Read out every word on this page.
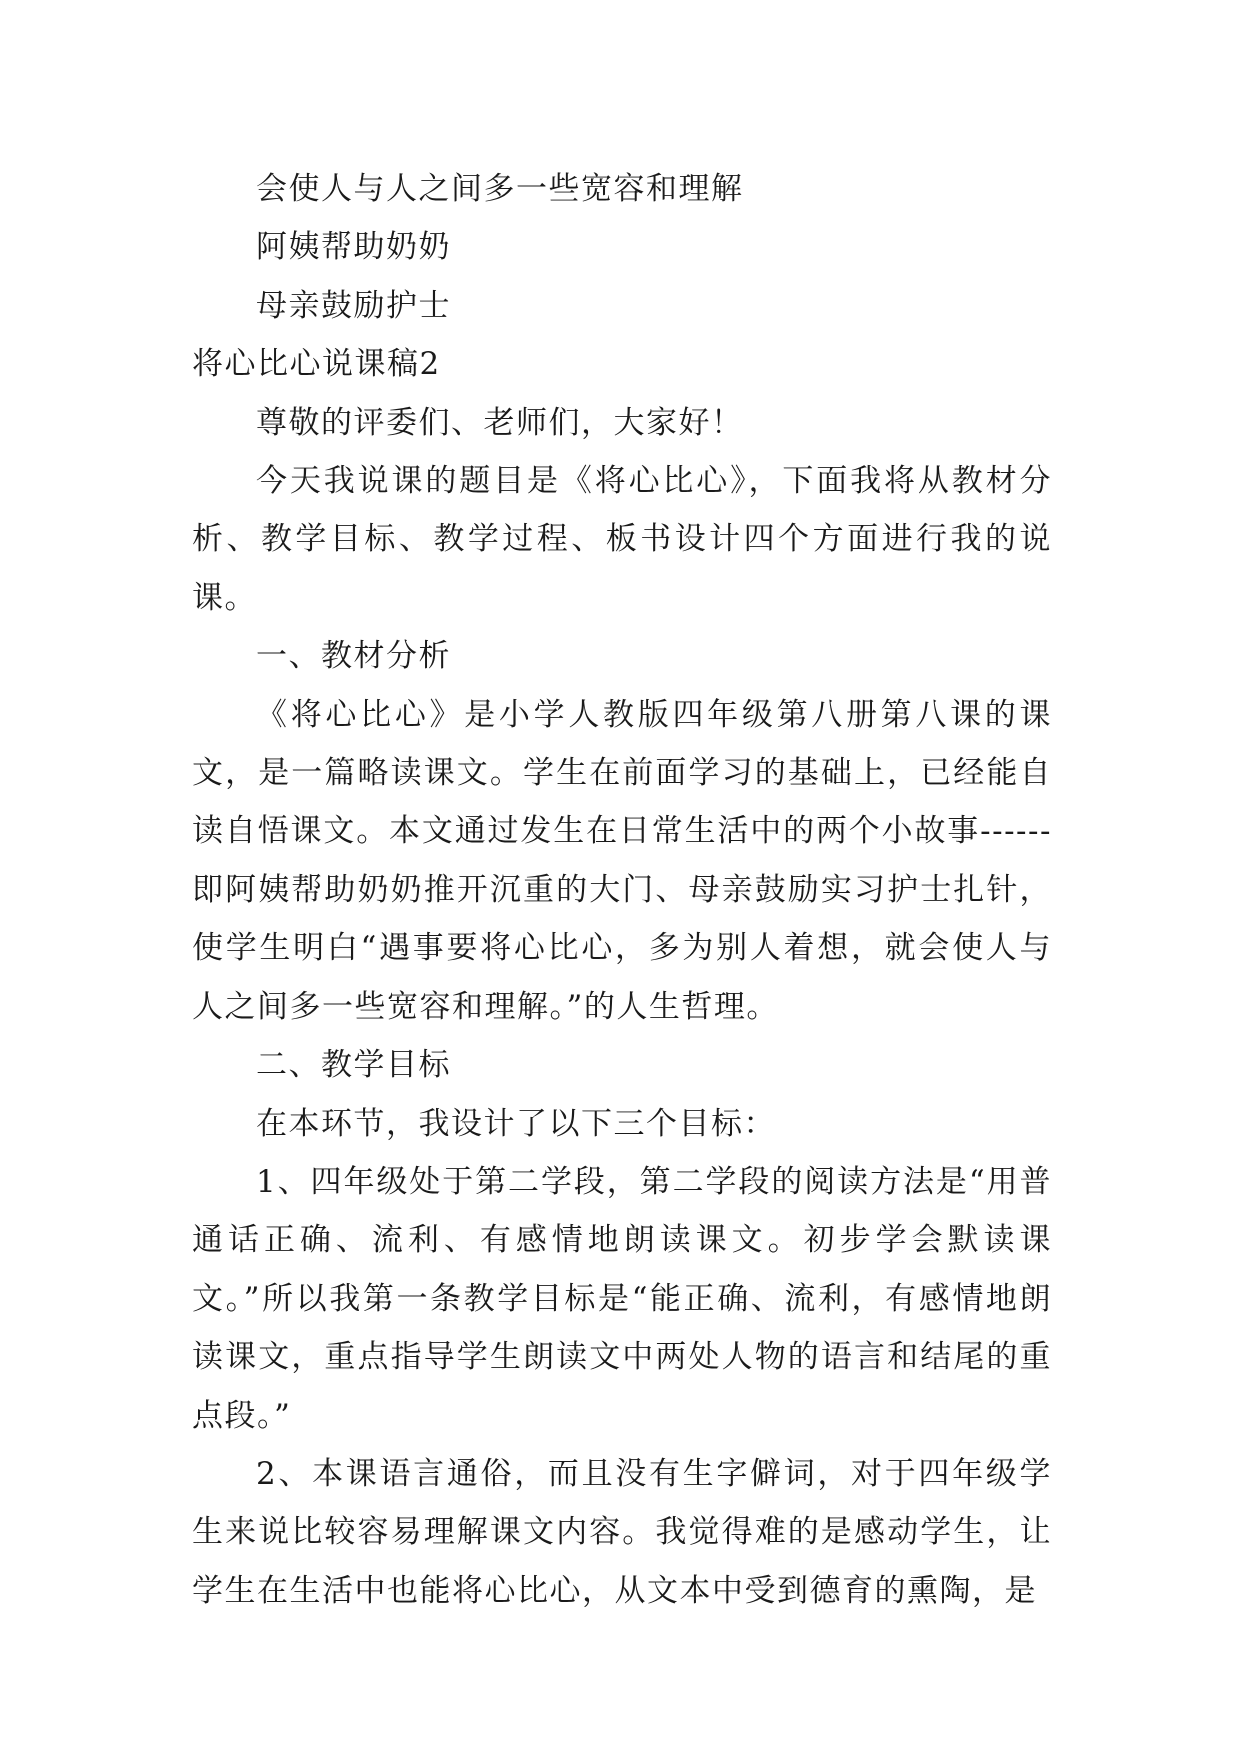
会使人与人之间多一些宽容和理解

阿姨帮助奶奶

母亲鼓励护士

将心比心说课稿2

尊敬的评委们、老师们，大家好！

今天我说课的题目是《将心比心》，下面我将从教材分析、教学目标、教学过程、板书设计四个方面进行我的说课。

一、教材分析

《将心比心》是小学人教版四年级第八册第八课的课文，是一篇略读课文。学生在前面学习的基础上，已经能自读自悟课文。本文通过发生在日常生活中的两个小故事------即阿姨帮助奶奶推开沉重的大门、母亲鼓励实习护士扎针，使学生明白“遇事要将心比心，多为别人着想，就会使人与人之间多一些宽容和理解。”的人生哲理。

二、教学目标

在本环节，我设计了以下三个目标：

1、四年级处于第二学段，第二学段的阅读方法是“用普通话正确、流利、有感情地朗读课文。初步学会默读课文。”所以我第一条教学目标是“能正确、流利，有感情地朗读课文，重点指导学生朗读文中两处人物的语言和结尾的重点段。”

2、本课语言通俗，而且没有生字僻词，对于四年级学生来说比较容易理解课文内容。我觉得难的是感动学生，让学生在生活中也能将心比心，从文本中受到德育的熏陶，是
